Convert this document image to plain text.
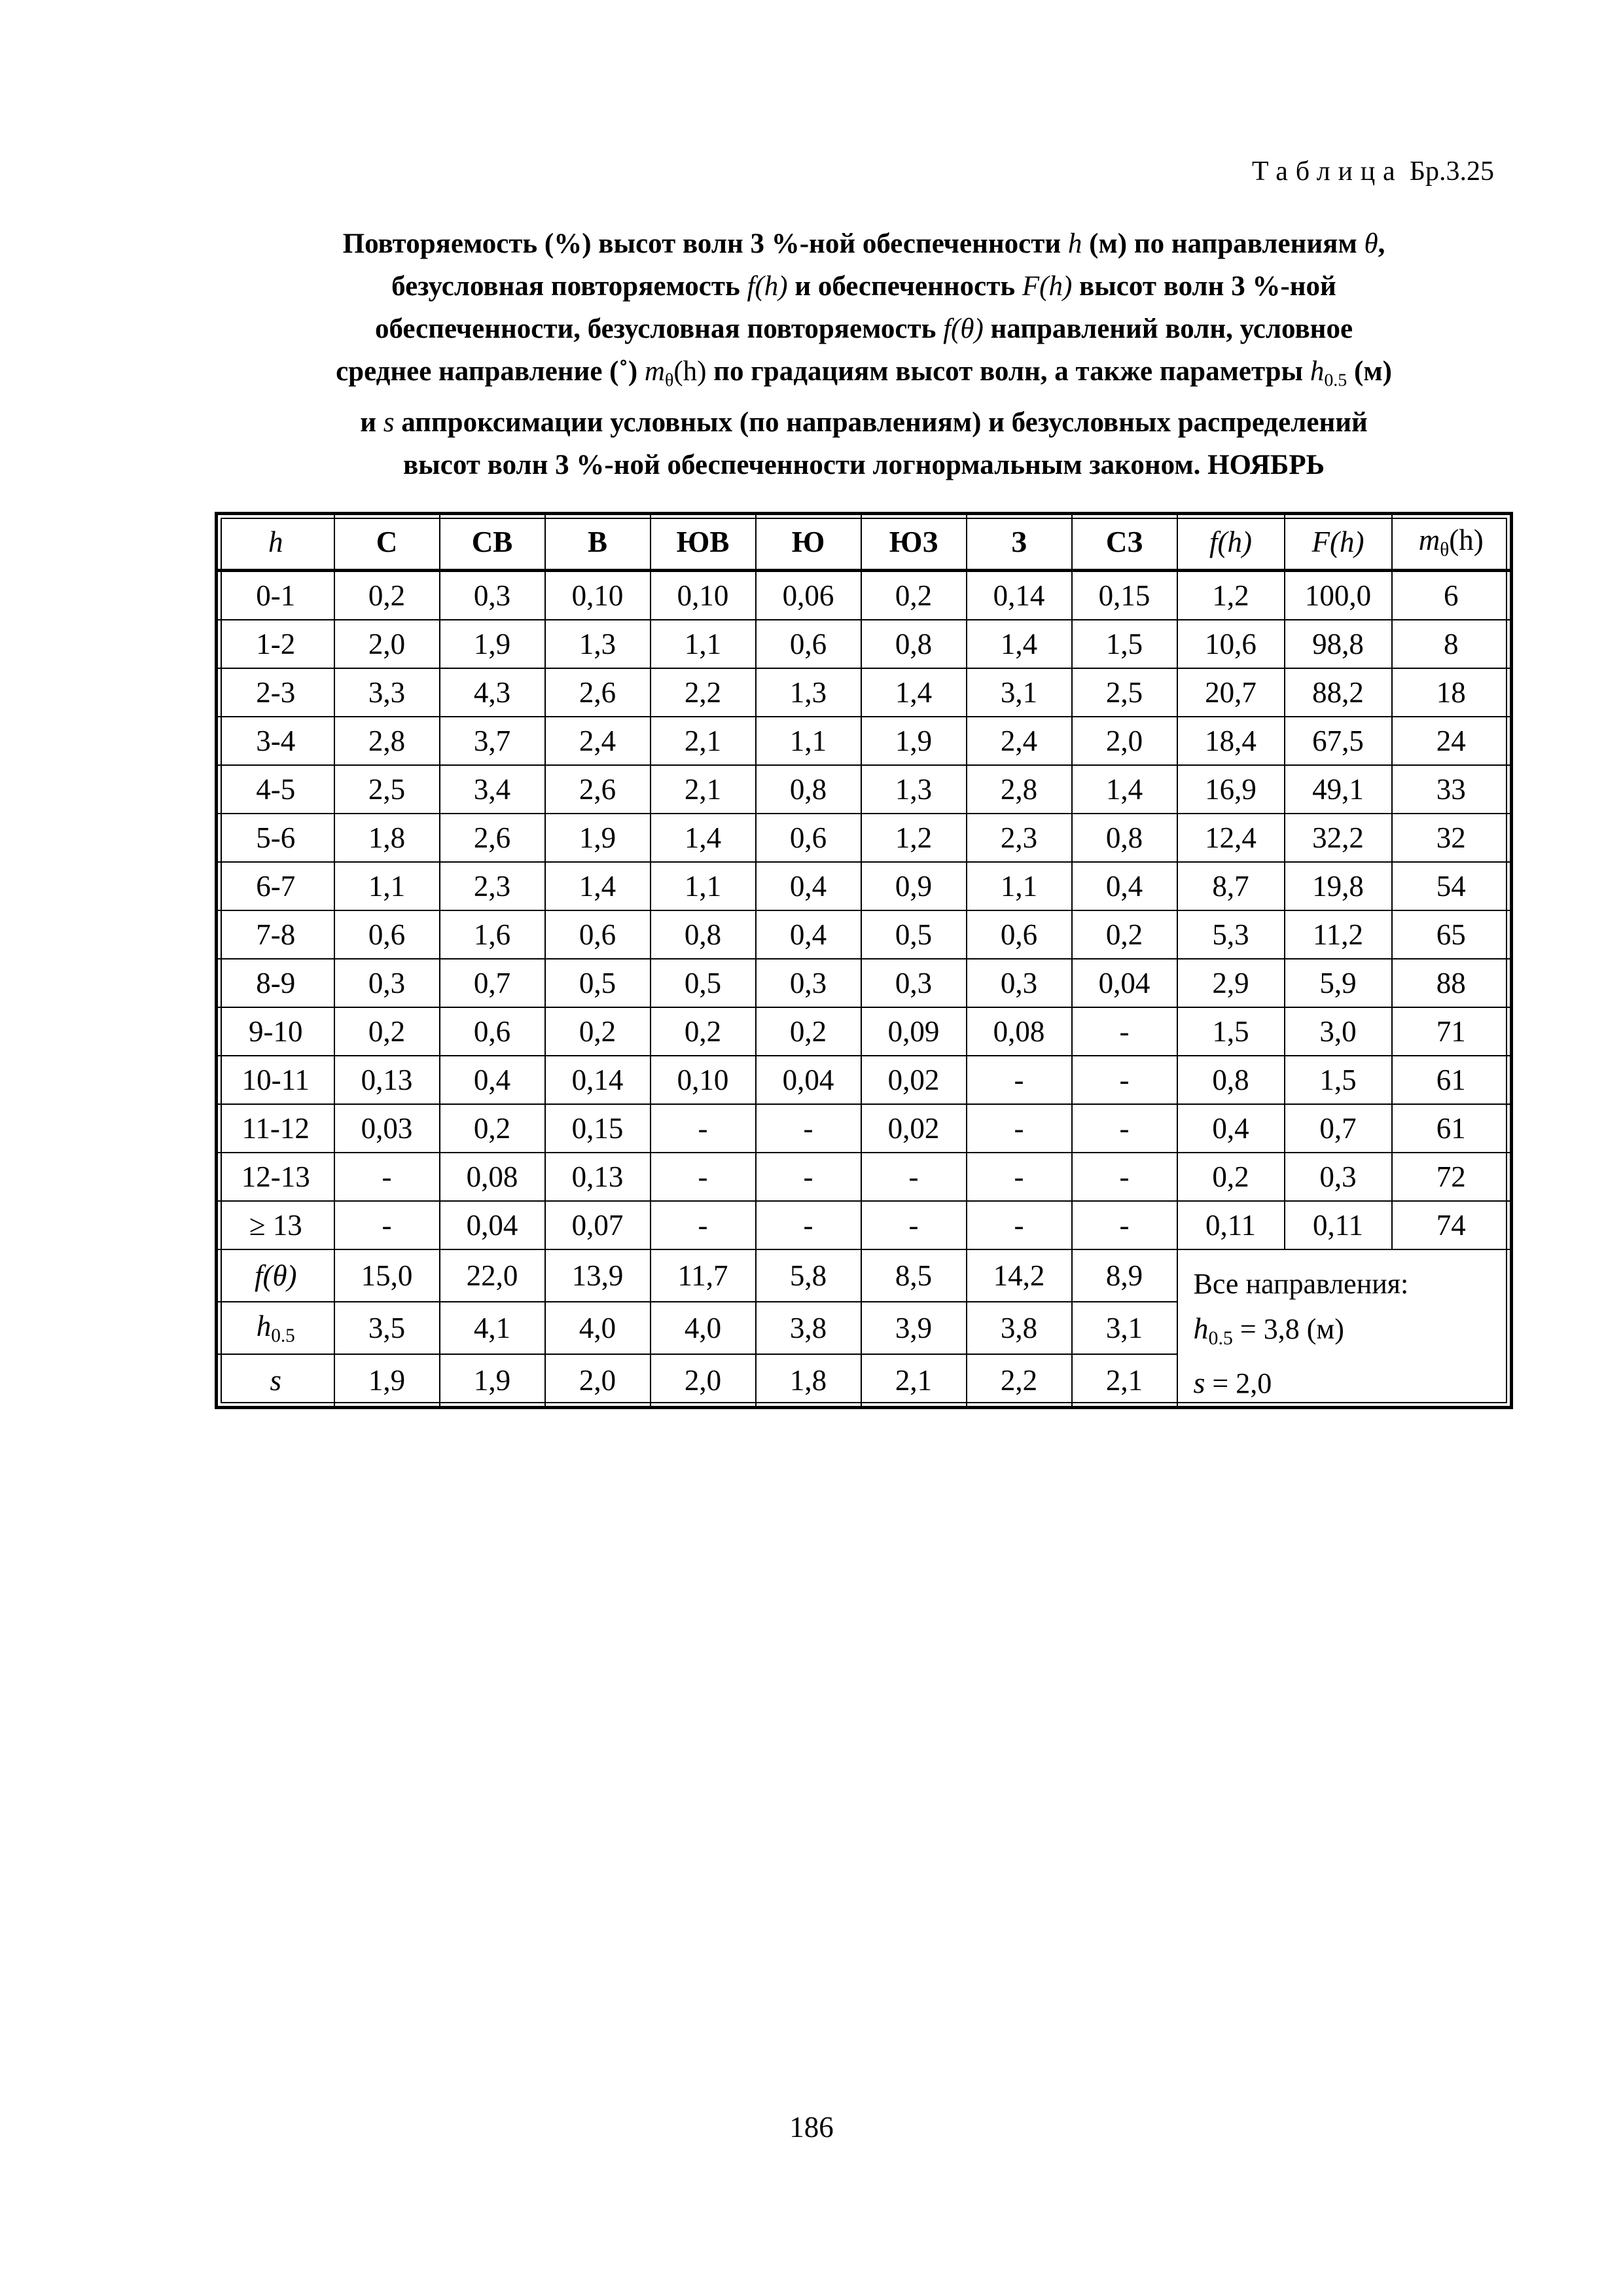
Таблица Бр.3.25
Повторяемость (%) высот волн 3 %-ной обеспеченности h (м) по направлениям θ,
безусловная повторяемость f(h) и обеспеченность F(h) высот волн 3 %-ной
обеспеченности, безусловная повторяемость f(θ) направлений волн, условное
среднее направление (˚) $m_\theta(h)$ по градациям высот волн, а также параметры $h_{0.5}$ (м)
и s аппроксимации условных (по направлениям) и безусловных распределений
высот волн 3 %-ной обеспеченности логнормальным законом. НОЯБРЬ
h	С	СВ	В	ЮВ	Ю	ЮЗ	З	СЗ	f(h)	F(h)	$m_\theta(h)$
0-1	0,2	0,3	0,10	0,10	0,06	0,2	0,14	0,15	1,2	100,0	6
1-2	2,0	1,9	1,3	1,1	0,6	0,8	1,4	1,5	10,6	98,8	8
2-3	3,3	4,3	2,6	2,2	1,3	1,4	3,1	2,5	20,7	88,2	18
3-4	2,8	3,7	2,4	2,1	1,1	1,9	2,4	2,0	18,4	67,5	24
4-5	2,5	3,4	2,6	2,1	0,8	1,3	2,8	1,4	16,9	49,1	33
5-6	1,8	2,6	1,9	1,4	0,6	1,2	2,3	0,8	12,4	32,2	32
6-7	1,1	2,3	1,4	1,1	0,4	0,9	1,1	0,4	8,7	19,8	54
7-8	0,6	1,6	0,6	0,8	0,4	0,5	0,6	0,2	5,3	11,2	65
8-9	0,3	0,7	0,5	0,5	0,3	0,3	0,3	0,04	2,9	5,9	88
9-10	0,2	0,6	0,2	0,2	0,2	0,09	0,08	-	1,5	3,0	71
10-11	0,13	0,4	0,14	0,10	0,04	0,02	-	-	0,8	1,5	61
11-12	0,03	0,2	0,15	-	-	0,02	-	-	0,4	0,7	61
12-13	-	0,08	0,13	-	-	-	-	-	0,2	0,3	72
≥ 13	-	0,04	0,07	-	-	-	-	-	0,11	0,11	74
f(θ)	15,0	22,0	13,9	11,7	5,8	8,5	14,2	8,9	Все направления:
$h_{0.5} = 3,8$ (м)
s = 2,0		

$h_{0.5}$	3,5	4,1	4,0	4,0	3,8	3,9	3,8	3,1			
s	1,9	1,9	2,0	2,0	1,8	2,1	2,2	2,1			
186
